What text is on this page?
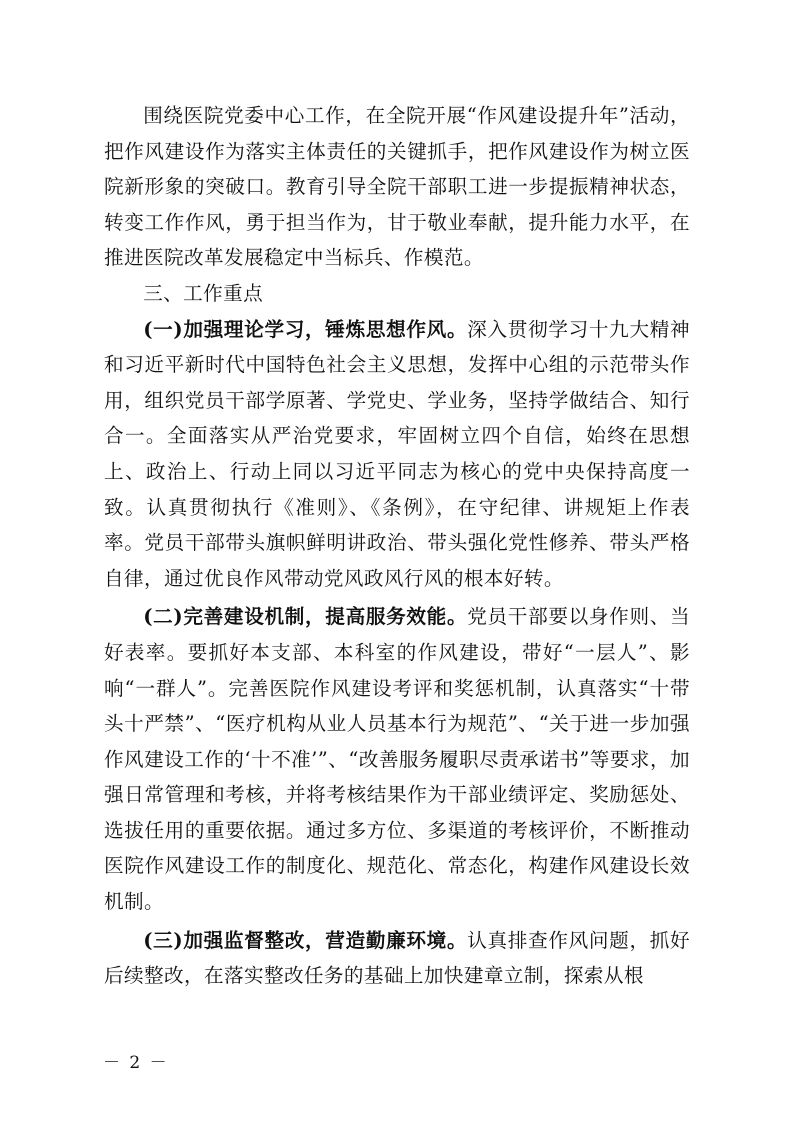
围绕医院党委中心工作，在全院开展“作风建设提升年”活动，把作风建设作为落实主体责任的关键抓手，把作风建设作为树立医院新形象的突破口。教育引导全院干部职工进一步提振精神状态，转变工作作风，勇于担当作为，甘于敬业奉献，提升能力水平，在推进医院改革发展稳定中当标兵、作模范。

三、工作重点

(一)加强理论学习，锤炼思想作风。深入贯彻学习十九大精神和习近平新时代中国特色社会主义思想，发挥中心组的示范带头作用，组织党员干部学原著、学党史、学业务，坚持学做结合、知行合一。全面落实从严治党要求，牢固树立四个自信，始终在思想上、政治上、行动上同以习近平同志为核心的党中央保持高度一致。认真贯彻执行《准则》、《条例》，在守纪律、讲规矩上作表率。党员干部带头旗帜鲜明讲政治、带头强化党性修养、带头严格自律，通过优良作风带动党风政风行风的根本好转。

(二)完善建设机制，提高服务效能。党员干部要以身作则、当好表率。要抓好本支部、本科室的作风建设，带好“一层人”、影响“一群人”。完善医院作风建设考评和奖惩机制，认真落实“十带头十严禁”、“医疗机构从业人员基本行为规范”、“关于进一步加强作风建设工作的‘十不准’”、“改善服务履职尽责承诺书”等要求，加强日常管理和考核，并将考核结果作为干部业绩评定、奖励惩处、选拔任用的重要依据。通过多方位、多渠道的考核评价，不断推动医院作风建设工作的制度化、规范化、常态化，构建作风建设长效机制。

(三)加强监督整改，营造勤廉环境。认真排查作风问题，抓好后续整改，在落实整改任务的基础上加快建章立制，探索从根

－ 2 －
